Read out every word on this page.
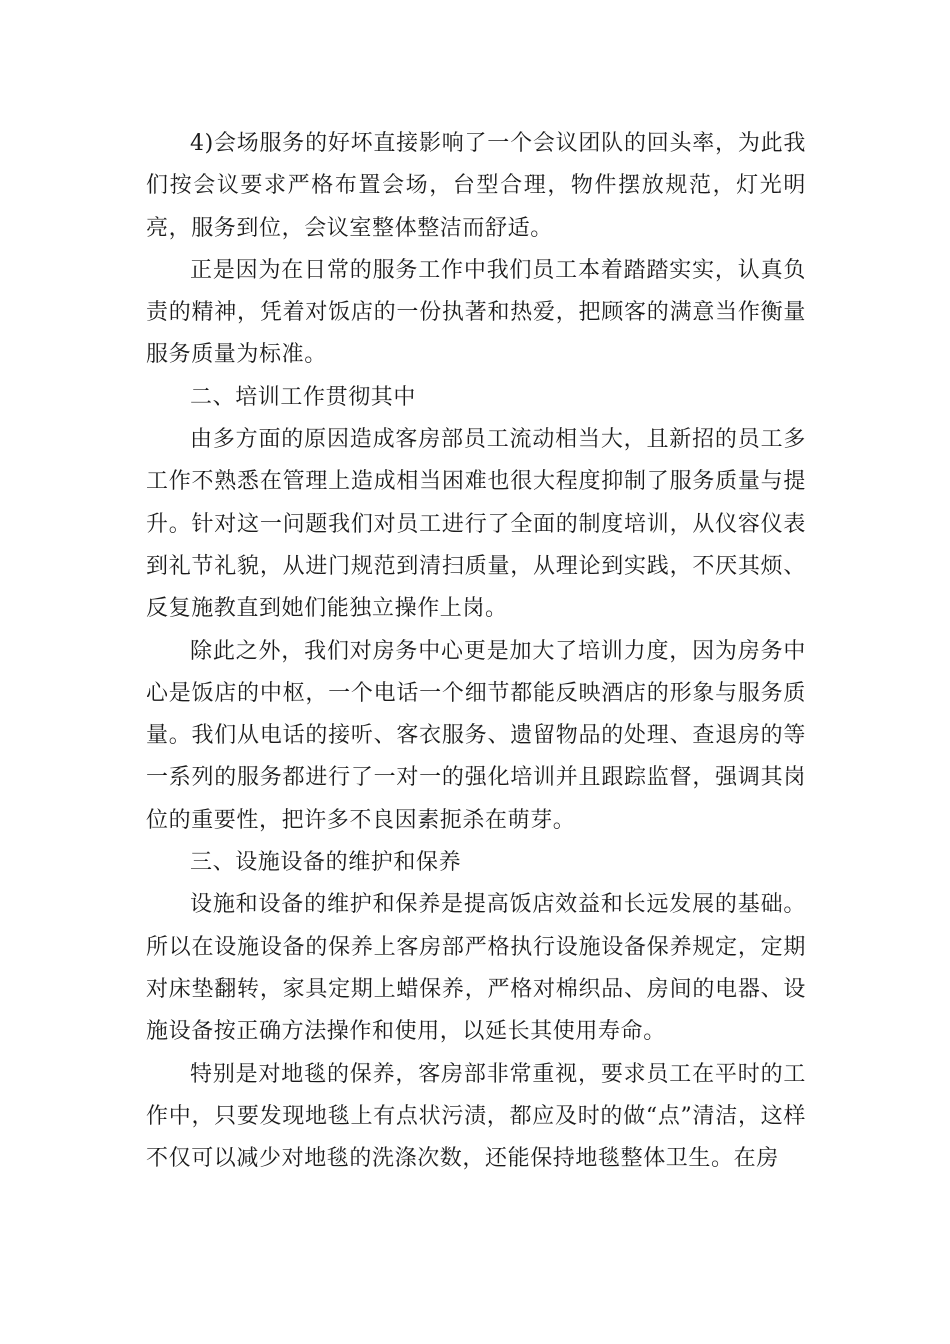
4)会场服务的好坏直接影响了一个会议团队的回头率，为此我们按会议要求严格布置会场，台型合理，物件摆放规范，灯光明亮，服务到位，会议室整体整洁而舒适。

正是因为在日常的服务工作中我们员工本着踏踏实实，认真负责的精神，凭着对饭店的一份执著和热爱，把顾客的满意当作衡量服务质量为标准。

二、培训工作贯彻其中

由多方面的原因造成客房部员工流动相当大，且新招的员工多工作不熟悉在管理上造成相当困难也很大程度抑制了服务质量与提升。针对这一问题我们对员工进行了全面的制度培训，从仪容仪表到礼节礼貌，从进门规范到清扫质量，从理论到实践，不厌其烦、反复施教直到她们能独立操作上岗。

除此之外，我们对房务中心更是加大了培训力度，因为房务中心是饭店的中枢，一个电话一个细节都能反映酒店的形象与服务质量。我们从电话的接听、客衣服务、遗留物品的处理、查退房的等一系列的服务都进行了一对一的强化培训并且跟踪监督，强调其岗位的重要性，把许多不良因素扼杀在萌芽。

三、设施设备的维护和保养

设施和设备的维护和保养是提高饭店效益和长远发展的基础。所以在设施设备的保养上客房部严格执行设施设备保养规定，定期对床垫翻转，家具定期上蜡保养，严格对棉织品、房间的电器、设施设备按正确方法操作和使用，以延长其使用寿命。

特别是对地毯的保养，客房部非常重视，要求员工在平时的工作中，只要发现地毯上有点状污渍，都应及时的做“点”清洁，这样不仅可以减少对地毯的洗涤次数，还能保持地毯整体卫生。在房
